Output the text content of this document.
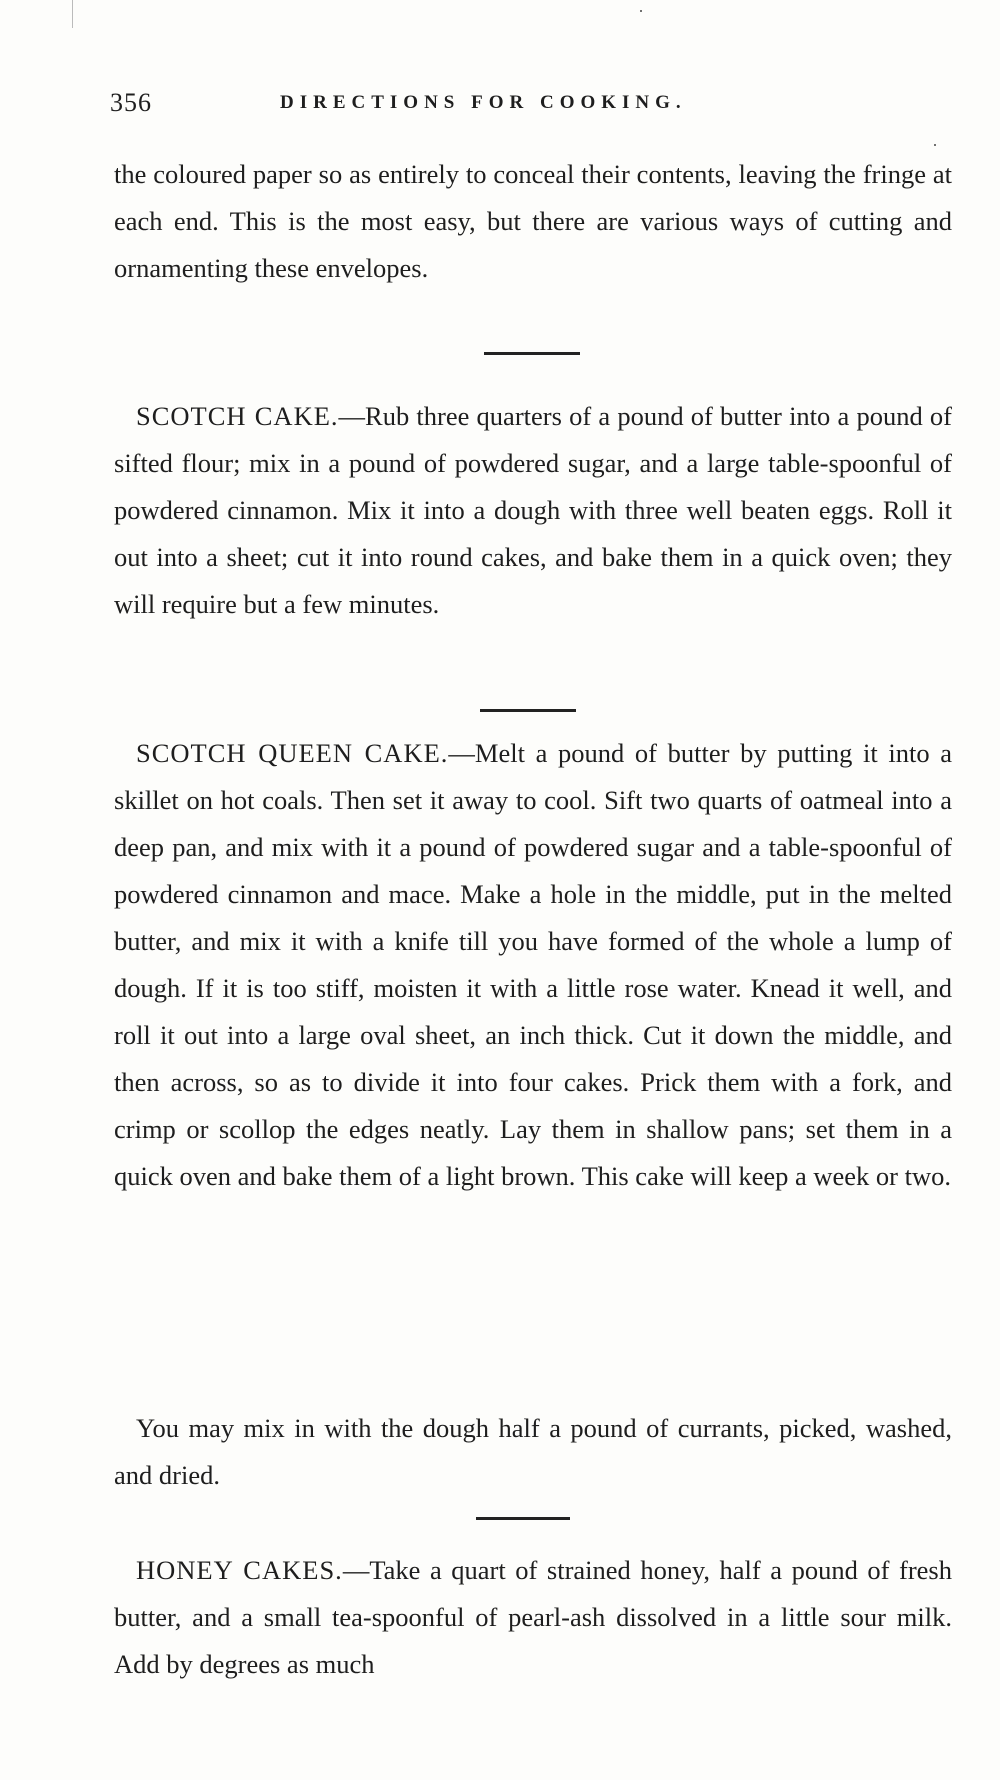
356	DIRECTIONS FOR COOKING.

the coloured paper so as entirely to conceal their contents, leaving the fringe at each end. This is the most easy, but there are various ways of cutting and ornamenting these envelopes.

SCOTCH CAKE.—Rub three quarters of a pound of butter into a pound of sifted flour; mix in a pound of powdered sugar, and a large table-spoonful of powdered cinnamon. Mix it into a dough with three well beaten eggs. Roll it out into a sheet; cut it into round cakes, and bake them in a quick oven; they will require but a few minutes.

SCOTCH QUEEN CAKE.—Melt a pound of butter by putting it into a skillet on hot coals. Then set it away to cool. Sift two quarts of oatmeal into a deep pan, and mix with it a pound of powdered sugar and a table-spoonful of powdered cinnamon and mace. Make a hole in the middle, put in the melted butter, and mix it with a knife till you have formed of the whole a lump of dough. If it is too stiff, moisten it with a little rose water. Knead it well, and roll it out into a large oval sheet, an inch thick. Cut it down the middle, and then across, so as to divide it into four cakes. Prick them with a fork, and crimp or scollop the edges neatly. Lay them in shallow pans; set them in a quick oven and bake them of a light brown. This cake will keep a week or two.

You may mix in with the dough half a pound of currants, picked, washed, and dried.

HONEY CAKES.—Take a quart of strained honey, half a pound of fresh butter, and a small tea-spoonful of pearl-ash dissolved in a little sour milk. Add by degrees as much
